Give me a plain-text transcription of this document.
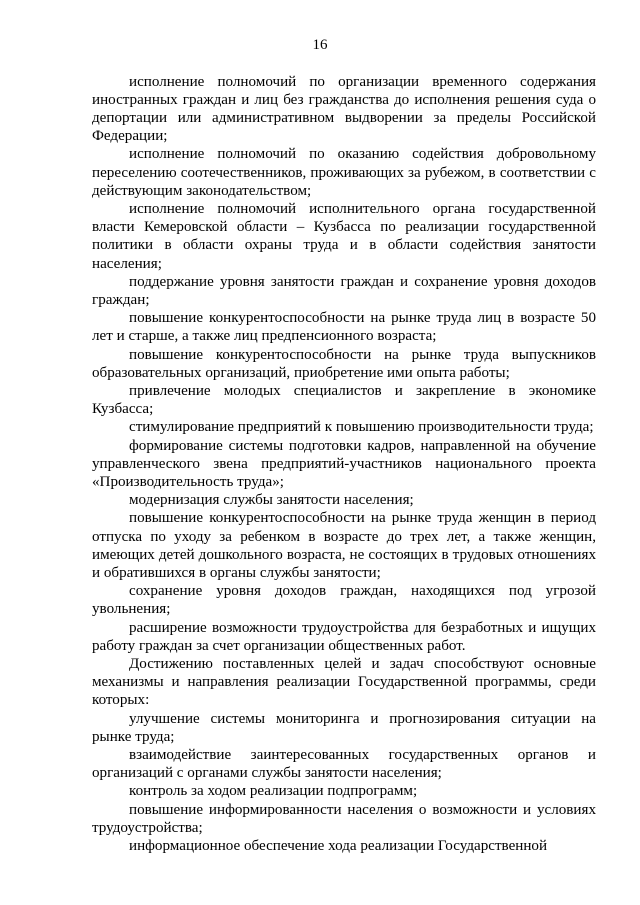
16

исполнение полномочий по организации временного содержания иностранных граждан и лиц без гражданства до исполнения решения суда о депортации или административном выдворении за пределы Российской Федерации;

исполнение полномочий по оказанию содействия добровольному переселению соотечественников, проживающих за рубежом, в соответствии с действующим законодательством;

исполнение полномочий исполнительного органа государственной власти Кемеровской области – Кузбасса по реализации государственной политики в области охраны труда и в области содействия занятости населения;

поддержание уровня занятости граждан и сохранение уровня доходов граждан;

повышение конкурентоспособности на рынке труда лиц в возрасте 50 лет и старше, а также лиц предпенсионного возраста;

повышение конкурентоспособности на рынке труда выпускников образовательных организаций, приобретение ими опыта работы;

привлечение молодых специалистов и закрепление в экономике Кузбасса;

стимулирование предприятий к повышению производительности труда;

формирование системы подготовки кадров, направленной на обучение управленческого звена предприятий-участников национального проекта «Производительность труда»;

модернизация службы занятости населения;

повышение конкурентоспособности на рынке труда женщин в период отпуска по уходу за ребенком в возрасте до трех лет, а также женщин, имеющих детей дошкольного возраста, не состоящих в трудовых отношениях и обратившихся в органы службы занятости;

сохранение уровня доходов граждан, находящихся под угрозой увольнения;

расширение возможности трудоустройства для безработных и ищущих работу граждан за счет организации общественных работ.

Достижению поставленных целей и задач способствуют основные механизмы и направления реализации Государственной программы, среди которых:

улучшение системы мониторинга и прогнозирования ситуации на рынке труда;

взаимодействие заинтересованных государственных органов и организаций с органами службы занятости населения;

контроль за ходом реализации подпрограмм;

повышение информированности населения о возможности и условиях трудоустройства;

информационное обеспечение хода реализации Государственной
